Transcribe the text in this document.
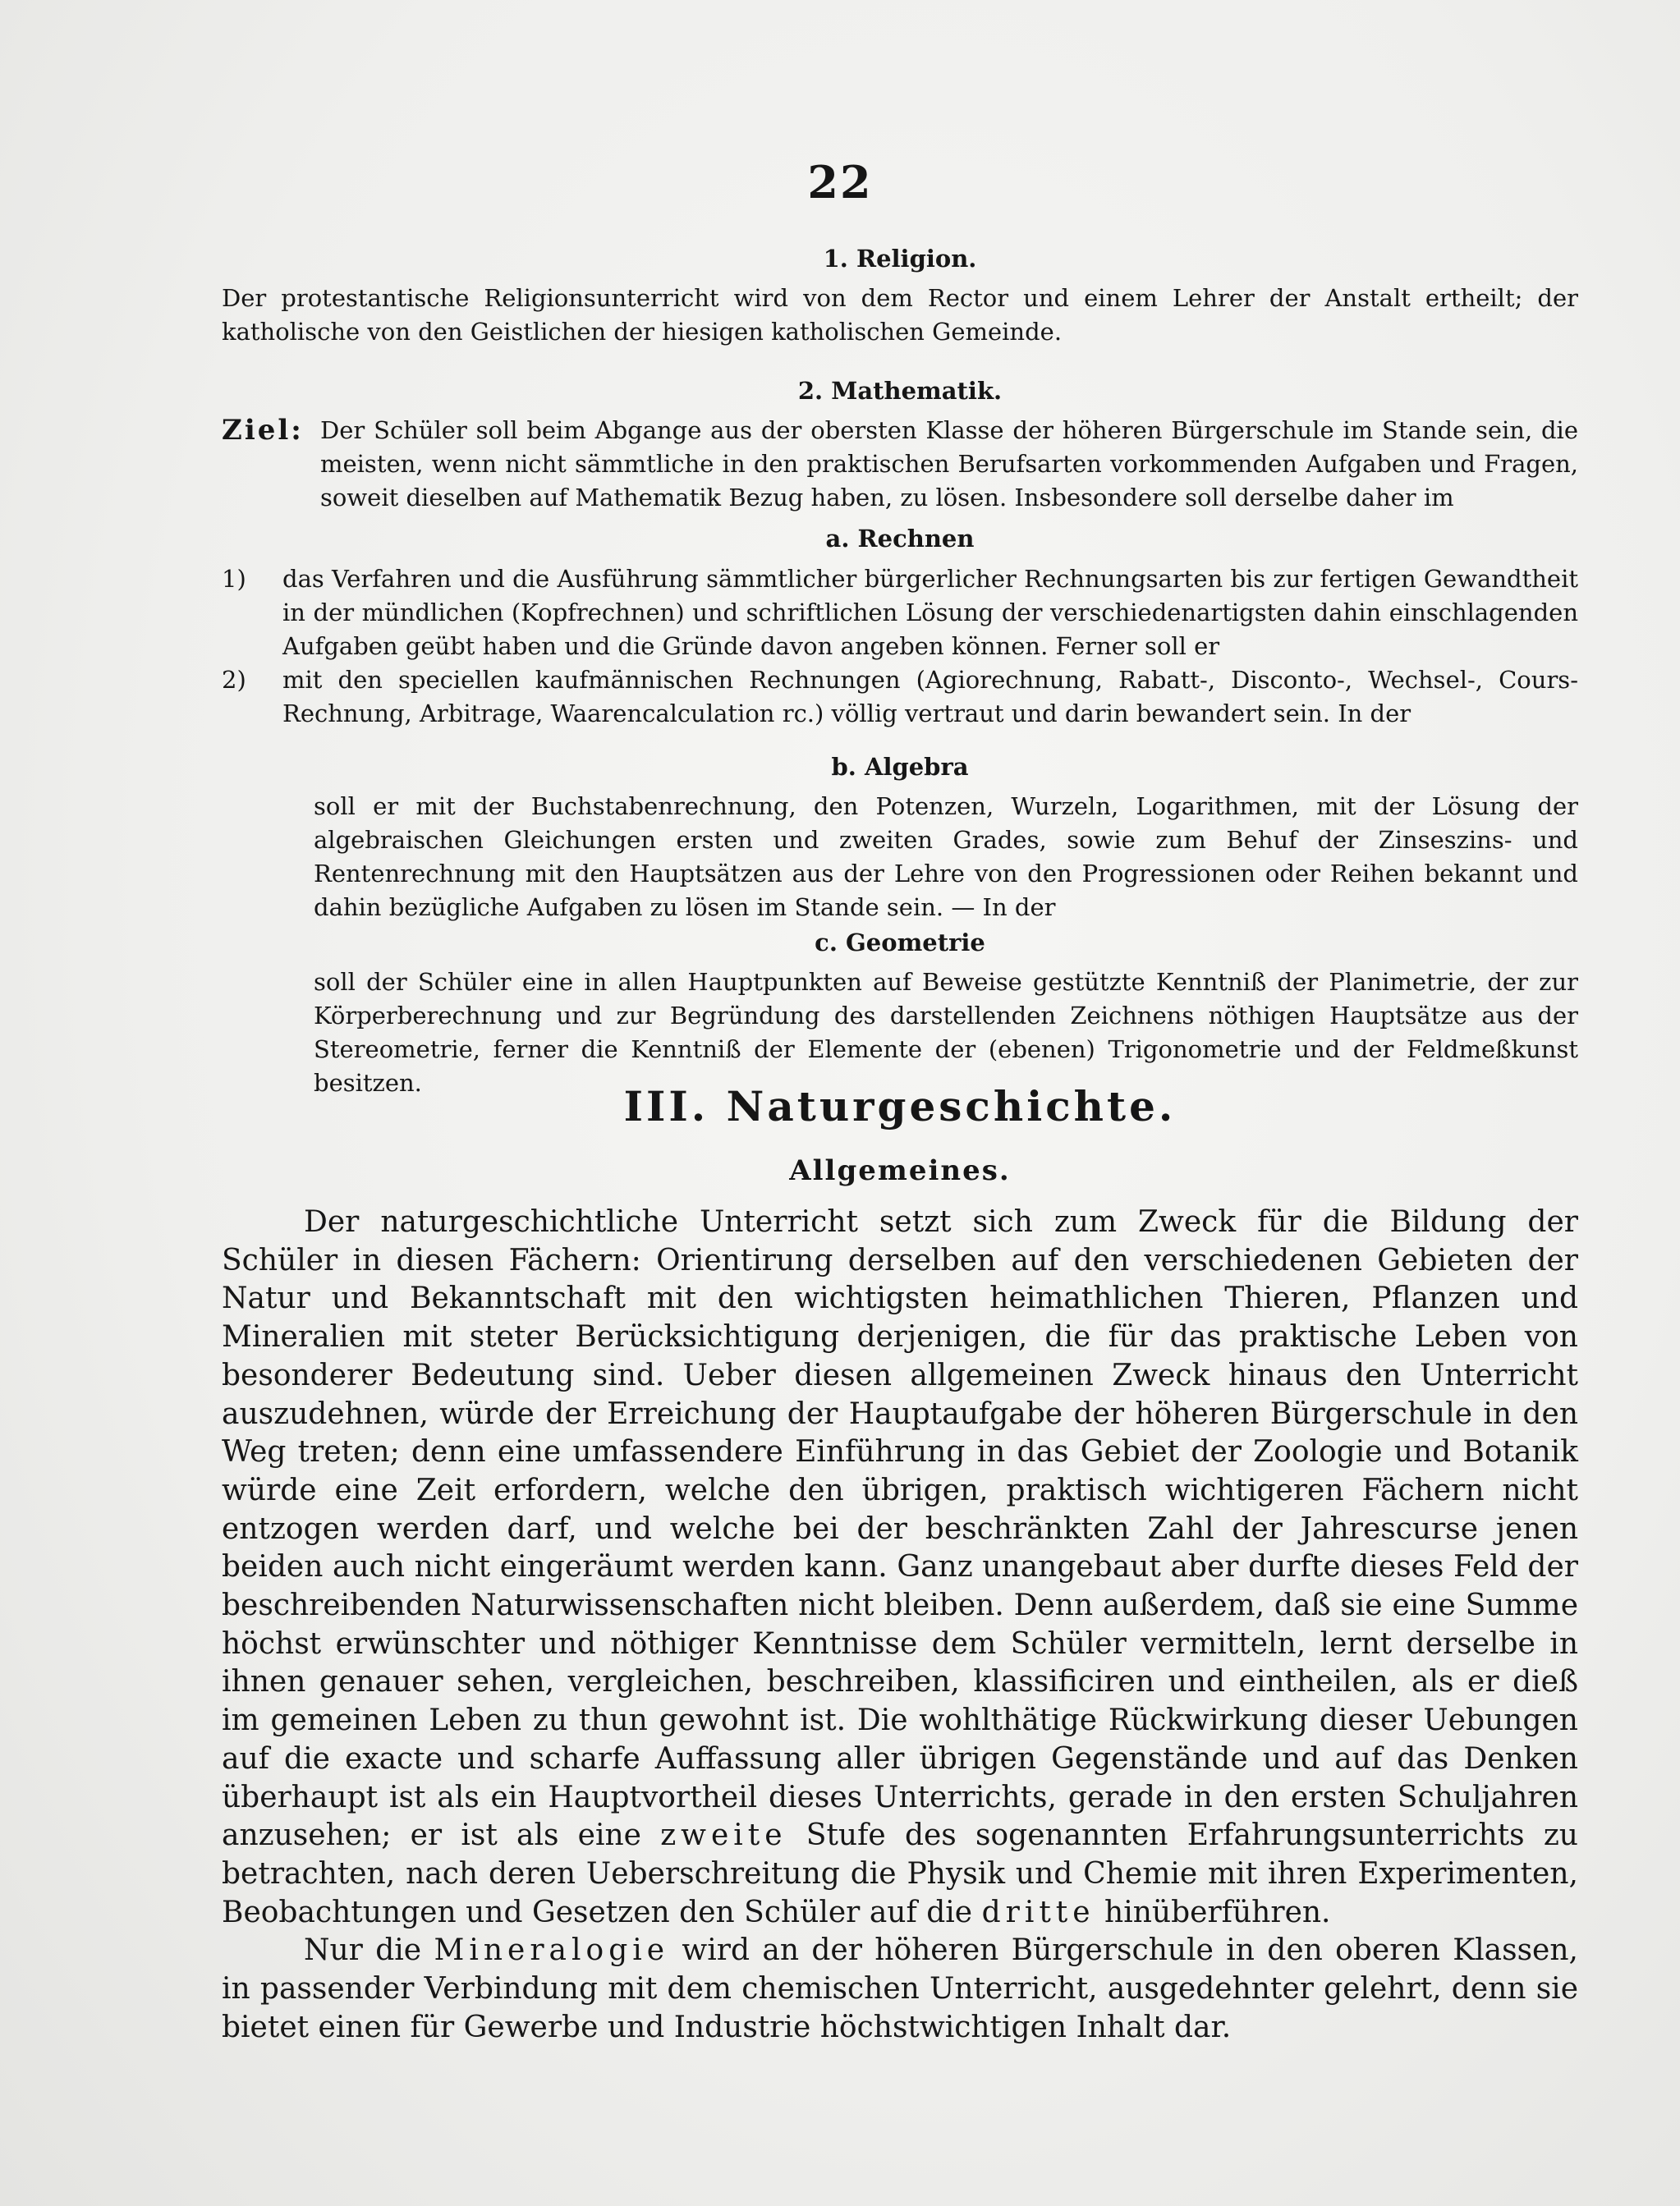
22
1. Religion.
Der protestantische Religionsunterricht wird von dem Rector und einem Lehrer der Anstalt ertheilt; der katholische von den Geistlichen der hiesigen katholischen Gemeinde.
2. Mathematik.
Ziel: Der Schüler soll beim Abgange aus der obersten Klasse der höheren Bürgerschule im Stande sein, die meisten, wenn nicht sämmtliche in den praktischen Berufsarten vorkommenden Aufgaben und Fragen, soweit dieselben auf Mathematik Bezug haben, zu lösen. Insbesondere soll derselbe daher im
a. Rechnen
1)	das Verfahren und die Ausführung sämmtlicher bürgerlicher Rechnungsarten bis zur fertigen Gewandtheit in der mündlichen (Kopfrechnen) und schriftlichen Lösung der verschiedenartigsten dahin einschlagenden Aufgaben geübt haben und die Gründe davon angeben können. Ferner soll er
2)	mit den speciellen kaufmännischen Rechnungen (Agiorechnung, Rabatt-, Disconto-, Wechsel-, Cours-Rechnung, Arbitrage, Waarencalculation rc.) völlig vertraut und darin bewandert sein. In der
b. Algebra
soll er mit der Buchstabenrechnung, den Potenzen, Wurzeln, Logarithmen, mit der Lösung der algebraischen Gleichungen ersten und zweiten Grades, sowie zum Behuf der Zinseszins- und Rentenrechnung mit den Hauptsätzen aus der Lehre von den Progressionen oder Reihen bekannt und dahin bezügliche Aufgaben zu lösen im Stande sein. — In der
c. Geometrie
soll der Schüler eine in allen Hauptpunkten auf Beweise gestützte Kenntniß der Planimetrie, der zur Körperberechnung und zur Begründung des darstellenden Zeichnens nöthigen Hauptsätze aus der Stereometrie, ferner die Kenntniß der Elemente der (ebenen) Trigonometrie und der Feldmeßkunst besitzen.	III. Naturgeschichte.
Allgemeines.

Der naturgeschichtliche Unterricht setzt sich zum Zweck für die Bildung der Schüler in diesen Fächern: Orientirung derselben auf den verschiedenen Gebieten der Natur und Bekanntschaft mit den wichtigsten heimathlichen Thieren, Pflanzen und Mineralien mit steter Berücksichtigung derjenigen, die für das praktische Leben von besonderer Bedeutung sind. Ueber diesen allgemeinen Zweck hinaus den Unterricht auszudehnen, würde der Erreichung der Hauptaufgabe der höheren Bürgerschule in den Weg treten; denn eine umfassendere Einführung in das Gebiet der Zoologie und Botanik würde eine Zeit erfordern, welche den übrigen, praktisch wichtigeren Fächern nicht entzogen werden darf, und welche bei der beschränkten Zahl der Jahrescurse jenen beiden auch nicht eingeräumt werden kann. Ganz unangebaut aber durfte dieses Feld der beschreibenden Naturwissenschaften nicht bleiben. Denn außerdem, daß sie eine Summe höchst erwünschter und nöthiger Kenntnisse dem Schüler vermitteln, lernt derselbe in ihnen genauer sehen, vergleichen, beschreiben, klassificiren und eintheilen, als er dieß im gemeinen Leben zu thun gewohnt ist. Die wohlthätige Rückwirkung dieser Uebungen auf die exacte und scharfe Auffassung aller übrigen Gegenstände und auf das Denken überhaupt ist als ein Hauptvortheil dieses Unterrichts, gerade in den ersten Schuljahren anzusehen; er ist als eine zweite Stufe des sogenannten Erfahrungsunterrichts zu betrachten, nach deren Ueberschreitung die Physik und Chemie mit ihren Experimenten, Beobachtungen und Gesetzen den Schüler auf die dritte hinüberführen.

Nur die Mineralogie wird an der höheren Bürgerschule in den oberen Klassen, in passender Verbindung mit dem chemischen Unterricht, ausgedehnter gelehrt, denn sie bietet einen für Gewerbe und Industrie höchstwichtigen Inhalt dar.
